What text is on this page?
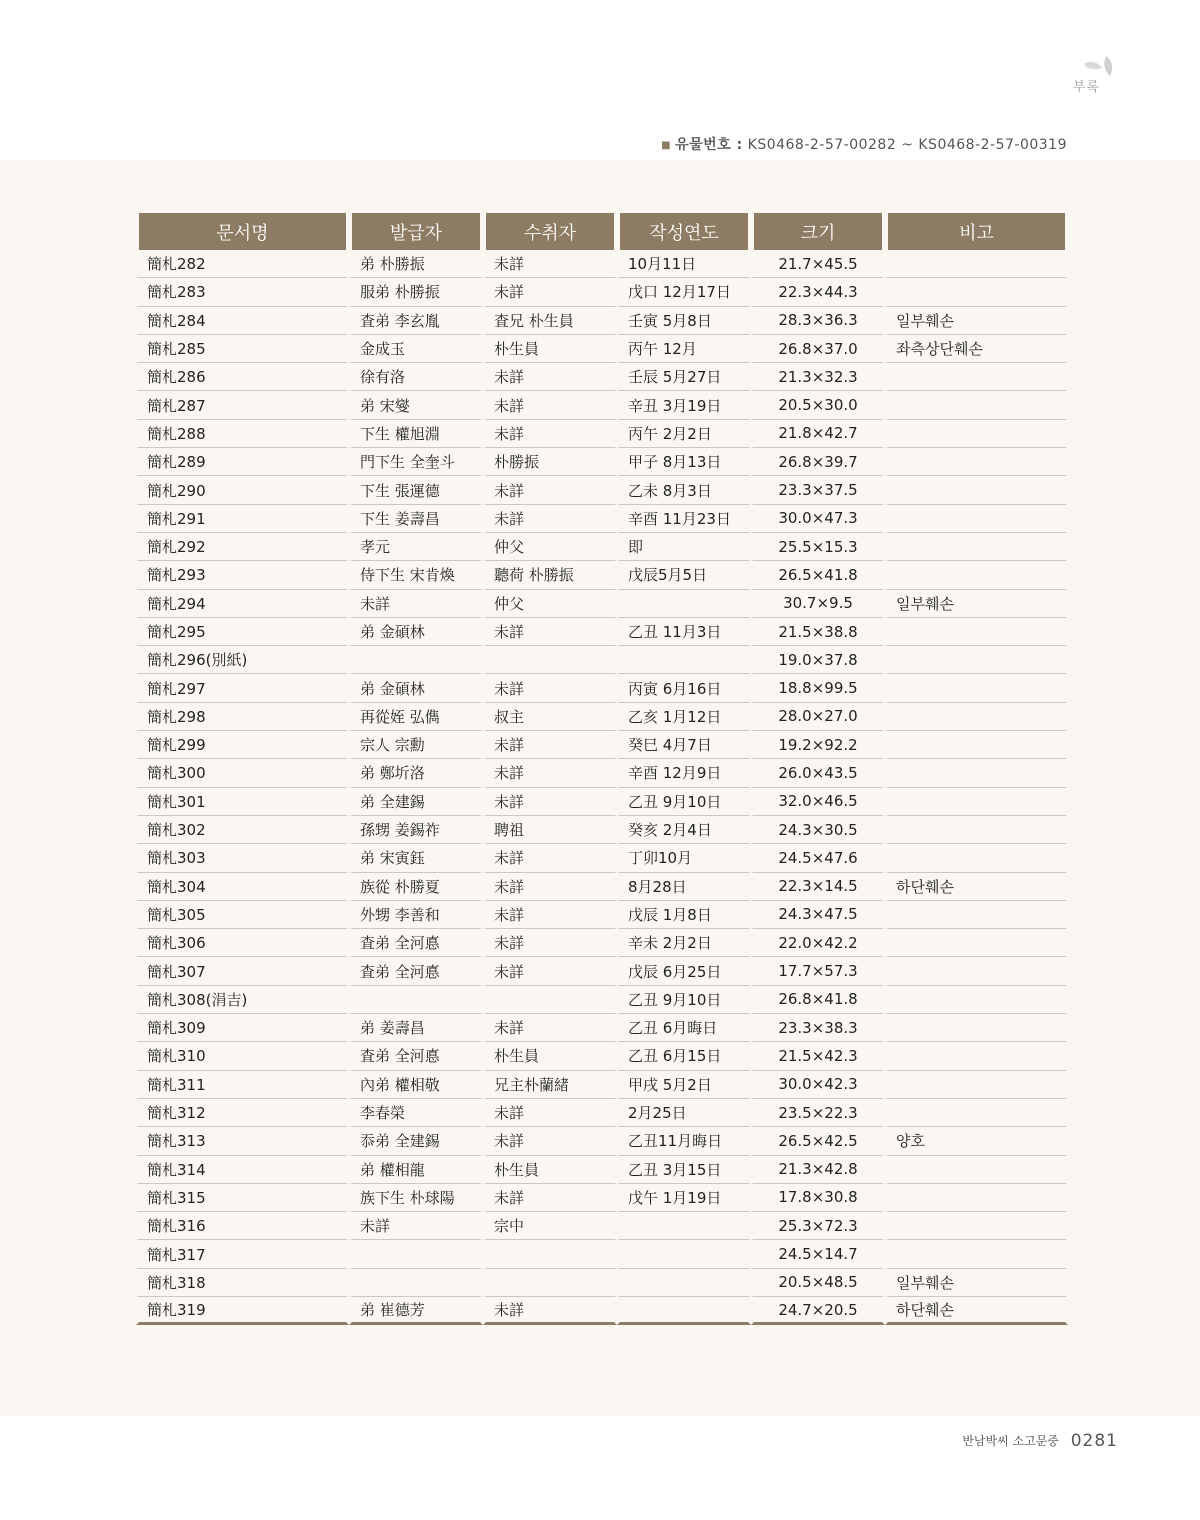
부록
■ 유물번호 : KS0468-2-57-00282 ~ KS0468-2-57-00319
문서명	발급자	수취자	작성연도	크기	비고
簡札282	弟 朴勝振	未詳	10月11日	21.7×45.5	
簡札283	服弟 朴勝振	未詳	戊口 12月17日	22.3×44.3	
簡札284	査弟 李玄胤	査兄 朴生員	壬寅 5月8日	28.3×36.3	일부훼손
簡札285	金成玉	朴生員	丙午 12月	26.8×37.0	좌측상단훼손
簡札286	徐有洛	未詳	壬辰 5月27日	21.3×32.3	
簡札287	弟 宋燮	未詳	辛丑 3月19日	20.5×30.0	
簡札288	下生 權旭淵	未詳	丙午 2月2日	21.8×42.7	
簡札289	門下生 全奎斗	朴勝振	甲子 8月13日	26.8×39.7	
簡札290	下生 張運德	未詳	乙未 8月3日	23.3×37.5	
簡札291	下生 姜壽昌	未詳	辛酉 11月23日	30.0×47.3	
簡札292	孝元	仲父	即	25.5×15.3	
簡札293	侍下生 宋肯煥	聽荷 朴勝振	戊辰5月5日	26.5×41.8	
簡札294	未詳	仲父		30.7×9.5	일부훼손
簡札295	弟 金碩林	未詳	乙丑 11月3日	21.5×38.8	
簡札296(別紙)				19.0×37.8	
簡札297	弟 金碩林	未詳	丙寅 6月16日	18.8×99.5	
簡札298	再從姪 弘儁	叔主	乙亥 1月12日	28.0×27.0	
簡札299	宗人 宗勳	未詳	癸巳 4月7日	19.2×92.2	
簡札300	弟 鄭圻洛	未詳	辛酉 12月9日	26.0×43.5	
簡札301	弟 全建錫	未詳	乙丑 9月10日	32.0×46.5	
簡札302	孫甥 姜錫祚	聘祖	癸亥 2月4日	24.3×30.5	
簡札303	弟 宋寅鈺	未詳	丁卯10月	24.5×47.6	
簡札304	族從 朴勝夏	未詳	8月28日	22.3×14.5	하단훼손
簡札305	外甥 李善和	未詳	戊辰 1月8日	24.3×47.5	
簡札306	査弟 全河悳	未詳	辛未 2月2日	22.0×42.2	
簡札307	査弟 全河悳	未詳	戊辰 6月25日	17.7×57.3	
簡札308(涓吉)			乙丑 9月10日	26.8×41.8	
簡札309	弟 姜壽昌	未詳	乙丑 6月晦日	23.3×38.3	
簡札310	査弟 全河悳	朴生員	乙丑 6月15日	21.5×42.3	
簡札311	內弟 權相敬	兄主朴蘭緒	甲戌 5月2日	30.0×42.3	
簡札312	李春榮	未詳	2月25日	23.5×22.3	
簡札313	忝弟 全建錫	未詳	乙丑11月晦日	26.5×42.5	양호
簡札314	弟 權相龍	朴生員	乙丑 3月15日	21.3×42.8	
簡札315	族下生 朴球陽	未詳	戊午 1月19日	17.8×30.8	
簡札316	未詳	宗中		25.3×72.3	
簡札317				24.5×14.7	
簡札318				20.5×48.5	일부훼손
簡札319	弟 崔德芳	未詳		24.7×20.5	하단훼손
반남박씨 소고문중 0281
